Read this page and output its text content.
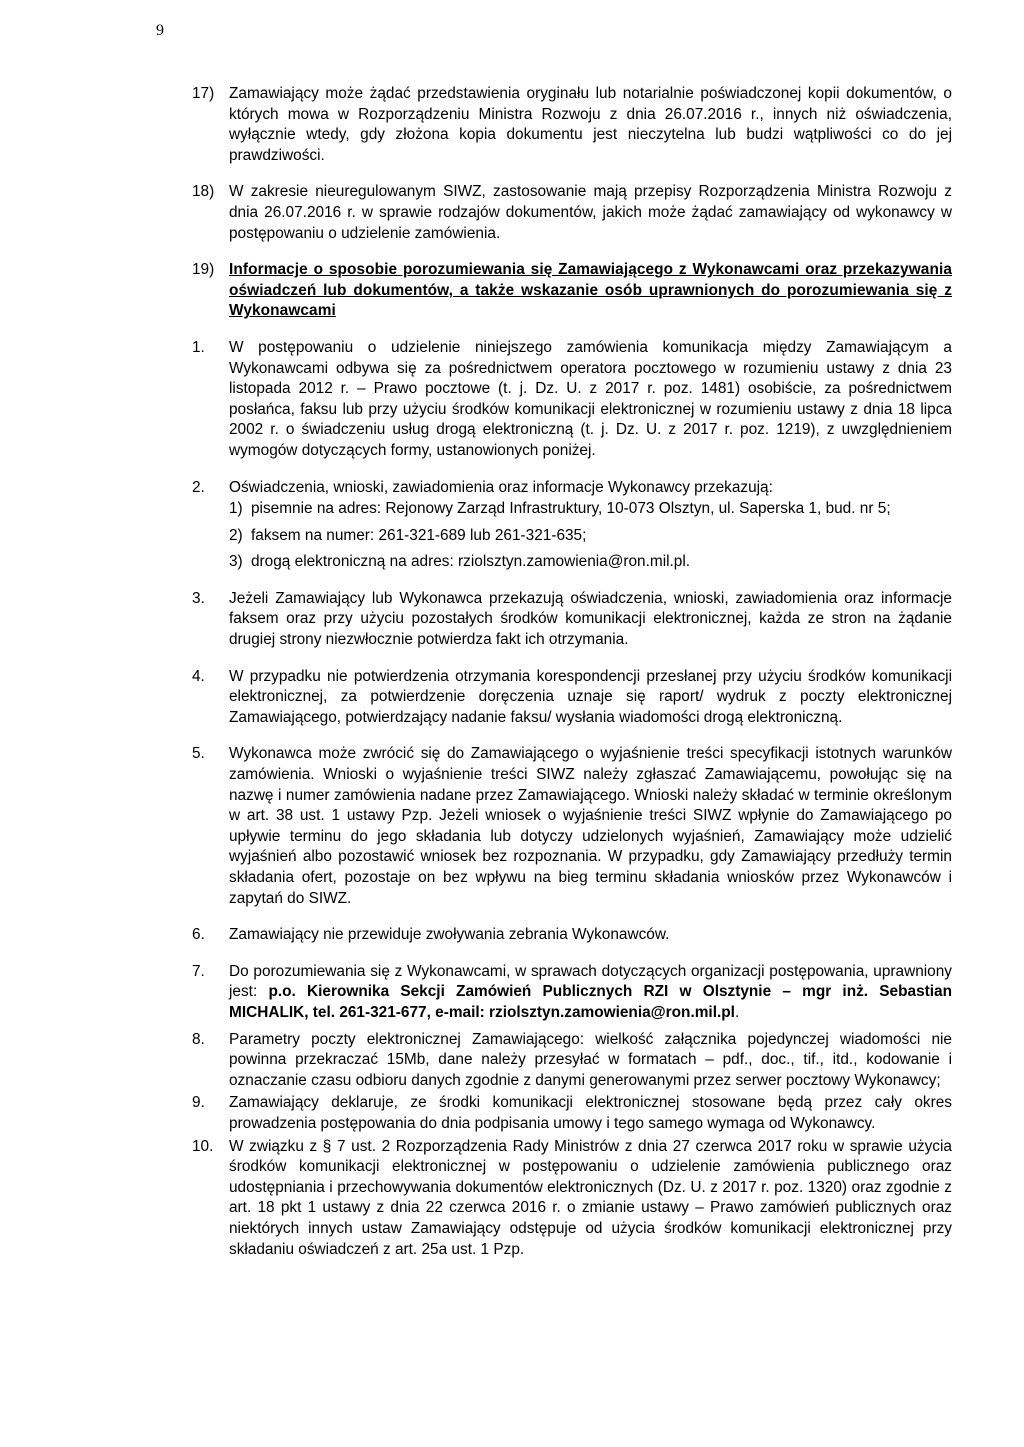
9
17) Zamawiający może żądać przedstawienia oryginału lub notarialnie poświadczonej kopii dokumentów, o których mowa w Rozporządzeniu Ministra Rozwoju z dnia 26.07.2016 r., innych niż oświadczenia, wyłącznie wtedy, gdy złożona kopia dokumentu jest nieczytelna lub budzi wątpliwości co do jej prawdziwości.
18) W zakresie nieuregulowanym SIWZ, zastosowanie mają przepisy Rozporządzenia Ministra Rozwoju z dnia 26.07.2016 r. w sprawie rodzajów dokumentów, jakich może żądać zamawiający od wykonawcy w postępowaniu o udzielenie zamówienia.
19) Informacje o sposobie porozumiewania się Zamawiającego z Wykonawcami oraz przekazywania oświadczeń lub dokumentów, a także wskazanie osób uprawnionych do porozumiewania się z Wykonawcami
1.	W postępowaniu o udzielenie niniejszego zamówienia komunikacja między Zamawiającym a Wykonawcami odbywa się za pośrednictwem operatora pocztowego w rozumieniu ustawy z dnia 23 listopada 2012 r. – Prawo pocztowe (t. j. Dz. U. z 2017 r. poz. 1481) osobiście, za pośrednictwem posłańca, faksu lub przy użyciu środków komunikacji elektronicznej w rozumieniu ustawy z dnia 18 lipca 2002 r. o świadczeniu usług drogą elektroniczną (t. j. Dz. U. z 2017 r. poz. 1219), z uwzględnieniem wymogów dotyczących formy, ustanowionych poniżej.
2.	Oświadczenia, wnioski, zawiadomienia oraz informacje Wykonawcy przekazują:
1) pisemnie na adres: Rejonowy Zarząd Infrastruktury, 10-073 Olsztyn, ul. Saperska 1, bud. nr 5;
2) faksem na numer: 261-321-689 lub 261-321-635;
3) drogą elektroniczną na adres: rziolsztyn.zamowienia@ron.mil.pl.
3.	Jeżeli Zamawiający lub Wykonawca przekazują oświadczenia, wnioski, zawiadomienia oraz informacje faksem oraz przy użyciu pozostałych środków komunikacji elektronicznej, każda ze stron na żądanie drugiej strony niezwłocznie potwierdza fakt ich otrzymania.
4.	W przypadku nie potwierdzenia otrzymania korespondencji przesłanej przy użyciu środków komunikacji elektronicznej, za potwierdzenie doręczenia uznaje się raport/ wydruk z poczty elektronicznej Zamawiającego, potwierdzający nadanie faksu/ wysłania wiadomości drogą elektroniczną.
5.	Wykonawca może zwrócić się do Zamawiającego o wyjaśnienie treści specyfikacji istotnych warunków zamówienia. Wnioski o wyjaśnienie treści SIWZ należy zgłaszać Zamawiającemu, powołując się na nazwę i numer zamówienia nadane przez Zamawiającego. Wnioski należy składać w terminie określonym w art. 38 ust. 1 ustawy Pzp. Jeżeli wniosek o wyjaśnienie treści SIWZ wpłynie do Zamawiającego po upływie terminu do jego składania lub dotyczy udzielonych wyjaśnień, Zamawiający może udzielić wyjaśnień albo pozostawić wniosek bez rozpoznania. W przypadku, gdy Zamawiający przedłuży termin składania ofert, pozostaje on bez wpływu na bieg terminu składania wniosków przez Wykonawców i zapytań do SIWZ.
6.	Zamawiający nie przewiduje zwoływania zebrania Wykonawców.
7.	Do porozumiewania się z Wykonawcami, w sprawach dotyczących organizacji postępowania, uprawniony jest: p.o. Kierownika Sekcji Zamówień Publicznych RZI w Olsztynie – mgr inż. Sebastian MICHALIK, tel. 261-321-677, e-mail: rziolsztyn.zamowienia@ron.mil.pl.
8.	Parametry poczty elektronicznej Zamawiającego: wielkość załącznika pojedynczej wiadomości nie powinna przekraczać 15Mb, dane należy przesyłać w formatach – pdf., doc., tif., itd., kodowanie i oznaczanie czasu odbioru danych zgodnie z danymi generowanymi przez serwer pocztowy Wykonawcy;
9.	Zamawiający deklaruje, ze środki komunikacji elektronicznej stosowane będą przez cały okres prowadzenia postępowania do dnia podpisania umowy i tego samego wymaga od Wykonawcy.
10.	W związku z § 7 ust. 2 Rozporządzenia Rady Ministrów z dnia 27 czerwca 2017 roku w sprawie użycia środków komunikacji elektronicznej w postępowaniu o udzielenie zamówienia publicznego oraz udostępniania i przechowywania dokumentów elektronicznych (Dz. U. z 2017 r. poz. 1320) oraz zgodnie z art. 18 pkt 1 ustawy z dnia 22 czerwca 2016 r. o zmianie ustawy – Prawo zamówień publicznych oraz niektórych innych ustaw Zamawiający odstępuje od użycia środków komunikacji elektronicznej przy składaniu oświadczeń z art. 25a ust. 1 Pzp.
